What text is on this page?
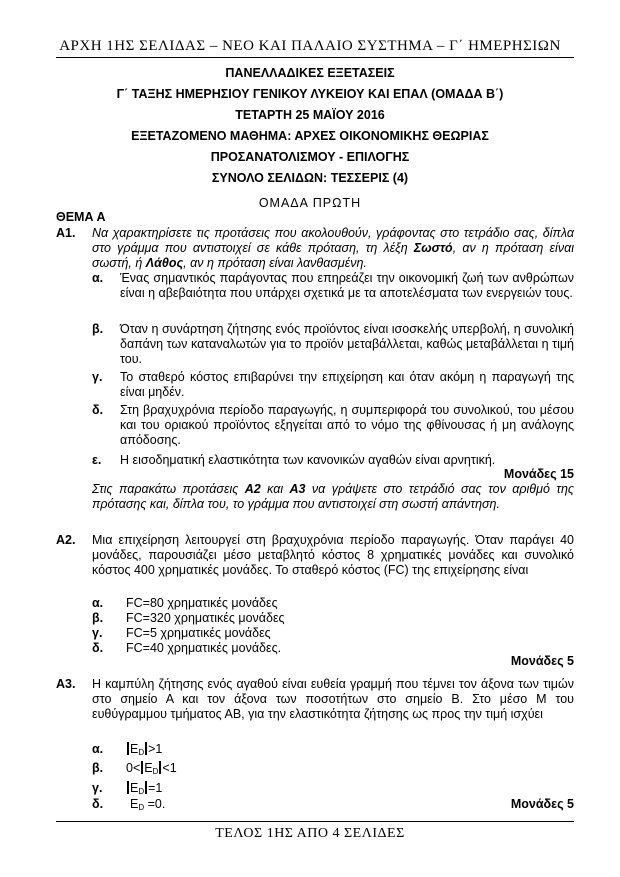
ΑΡΧΗ 1ΗΣ ΣΕΛΙΔΑΣ – ΝΕΟ ΚΑΙ ΠΑΛΑΙΟ ΣΥΣΤΗΜΑ – Γ΄ ΗΜΕΡΗΣΙΩΝ
ΠΑΝΕΛΛΑΔΙΚΕΣ ΕΞΕΤΑΣΕΙΣ
Γ΄ ΤΑΞΗΣ ΗΜΕΡΗΣΙΟΥ ΓΕΝΙΚΟΥ ΛΥΚΕΙΟΥ ΚΑΙ ΕΠΑΛ (ΟΜΑΔΑ Β΄)
ΤΕΤΑΡΤΗ 25 ΜΑΪΟΥ 2016
ΕΞΕΤΑΖΟΜΕΝΟ ΜΑΘΗΜΑ: ΑΡΧΕΣ ΟΙΚΟΝΟΜΙΚΗΣ ΘΕΩΡΙΑΣ
ΠΡΟΣΑΝΑΤΟΛΙΣΜΟΥ - ΕΠΙΛΟΓΗΣ
ΣΥΝΟΛΟ ΣΕΛΙΔΩΝ: ΤΕΣΣΕΡΙΣ (4)
ΟΜΑΔΑ ΠΡΩΤΗ
ΘΕΜΑ Α
Α1. Να χαρακτηρίσετε τις προτάσεις που ακολουθούν, γράφοντας στο τετράδιο σας, δίπλα στο γράμμα που αντιστοιχεί σε κάθε πρόταση, τη λέξη Σωστό, αν η πρόταση είναι σωστή, ή Λάθος, αν η πρόταση είναι λανθασμένη.
α. Ένας σημαντικός παράγοντας που επηρεάζει την οικονομική ζωή των ανθρώπων είναι η αβεβαιότητα που υπάρχει σχετικά με τα αποτελέσματα των ενεργειών τους.
β. Όταν η συνάρτηση ζήτησης ενός προϊόντος είναι ισοσκελής υπερβολή, η συνολική δαπάνη των καταναλωτών για το προϊόν μεταβάλλεται, καθώς μεταβάλλεται η τιμή του.
γ. Το σταθερό κόστος επιβαρύνει την επιχείρηση και όταν ακόμη η παραγωγή της είναι μηδέν.
δ. Στη βραχυχρόνια περίοδο παραγωγής, η συμπεριφορά του συνολικού, του μέσου και του οριακού προϊόντος εξηγείται από το νόμο της φθίνουσας ή μη ανάλογης απόδοσης.
ε. Η εισοδηματική ελαστικότητα των κανονικών αγαθών είναι αρνητική.
Μονάδες 15
Στις παρακάτω προτάσεις Α2 και Α3 να γράψετε στο τετράδιό σας τον αριθμό της πρότασης και, δίπλα του, το γράμμα που αντιστοιχεί στη σωστή απάντηση.
Α2. Μια επιχείρηση λειτουργεί στη βραχυχρόνια περίοδο παραγωγής. Όταν παράγει 40 μονάδες, παρουσιάζει μέσο μεταβλητό κόστος 8 χρηματικές μονάδες και συνολικό κόστος 400 χρηματικές μονάδες. Το σταθερό κόστος (FC) της επιχείρησης είναι
α. FC=80 χρηματικές μονάδες
β. FC=320 χρηματικές μονάδες
γ. FC=5 χρηματικές μονάδες
δ. FC=40 χρηματικές μονάδες.
Μονάδες 5
Α3. Η καμπύλη ζήτησης ενός αγαθού είναι ευθεία γραμμή που τέμνει τον άξονα των τιμών στο σημείο Α και τον άξονα των ποσοτήτων στο σημείο Β. Στο μέσο Μ του ευθύγραμμου τμήματος ΑΒ, για την ελαστικότητα ζήτησης ως προς την τιμή ισχύει
α.	$E_D >1$
β. $0< E_D <1$
γ.	$E_D =1$
δ. $E_D =0$.	Μονάδες 5
ΤΕΛΟΣ 1ΗΣ ΑΠΟ 4 ΣΕΛΙΔΕΣ
